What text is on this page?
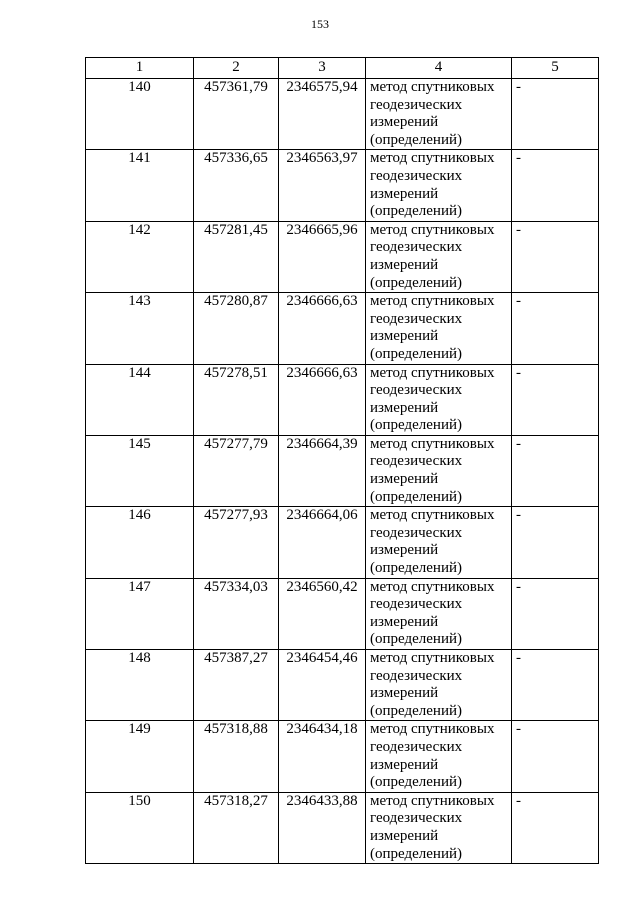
153
1	2	3	4	5
140	457361,79	2346575,94	метод спутниковых геодезических измерений (определений)	-
141	457336,65	2346563,97	метод спутниковых геодезических измерений (определений)	-
142	457281,45	2346665,96	метод спутниковых геодезических измерений (определений)	-
143	457280,87	2346666,63	метод спутниковых геодезических измерений (определений)	-
144	457278,51	2346666,63	метод спутниковых геодезических измерений (определений)	-
145	457277,79	2346664,39	метод спутниковых геодезических измерений (определений)	-
146	457277,93	2346664,06	метод спутниковых геодезических измерений (определений)	-
147	457334,03	2346560,42	метод спутниковых геодезических измерений (определений)	-
148	457387,27	2346454,46	метод спутниковых геодезических измерений (определений)	-
149	457318,88	2346434,18	метод спутниковых геодезических измерений (определений)	-
150	457318,27	2346433,88	метод спутниковых геодезических измерений (определений)	-
